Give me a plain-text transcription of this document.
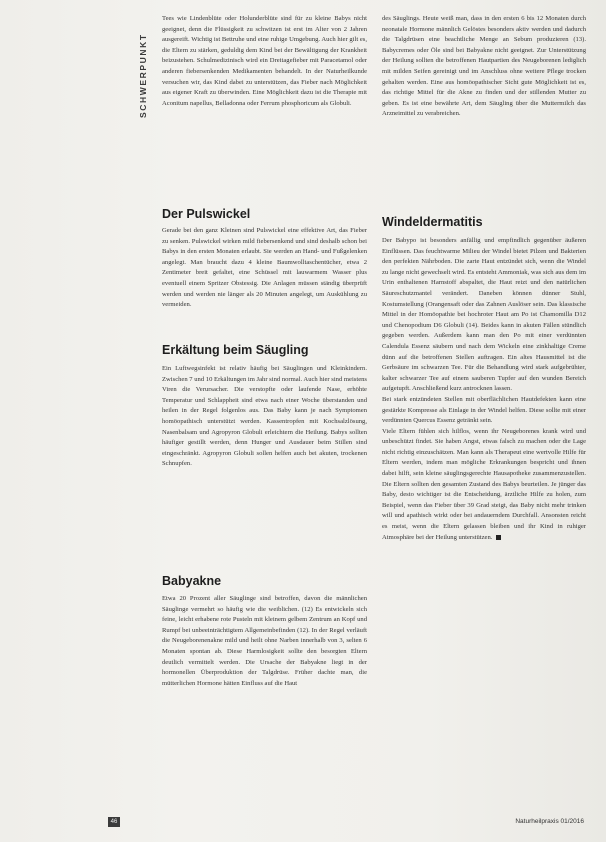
SCHWERPUNKT

Tees wie Lindenblüte oder Holunderblüte sind für zu kleine Babys nicht geeignet, denn die Flüssigkeit zu schwitzen ist erst im Alter von 2 Jahren ausgereift. Wichtig ist Bettruhe und eine ruhige Umgebung. Auch hier gilt es, die Eltern zu stärken, geduldig dem Kind bei der Bewältigung der Krankheit beizustehen. Schulmedizinisch wird ein Dreitagefieber mit Paracetamol oder anderen fiebersenkenden Medikamenten behandelt. In der Naturheilkunde versuchen wir, das Kind dabei zu unterstützen, das Fieber nach Möglichkeit aus eigener Kraft zu überwinden. Eine Möglichkeit dazu ist die Therapie mit Aconitum napellus, Belladonna oder Ferrum phosphoricum als Globuli.

Der Pulswickel

Gerade bei den ganz Kleinen sind Pulswickel eine effektive Art, das Fieber zu senken. Pulswickel wirken mild fiebersenkend und sind deshalb schon bei Babys in den ersten Monaten erlaubt. Sie werden an Hand- und Fußgelenken angelegt. Man braucht dazu 4 kleine Baumwolltaschentücher, etwa 2 Zentimeter breit gefaltet, eine Schüssel mit lauwarmem Wasser plus eventuell einem Spritzer Obstessig. Die Anlagen müssen ständig überprüft werden und werden nie länger als 20 Minuten angelegt, um Auskühlung zu vermeiden.

Erkältung beim Säugling

Ein Luftwegsinfekt ist relativ häufig bei Säuglingen und Kleinkindern. Zwischen 7 und 10 Erkältungen im Jahr sind normal. Auch hier sind meistens Viren die Verursacher. Die verstopfte oder laufende Nase, erhöhte Temperatur und Schlappheit sind etwa nach einer Woche überstanden und heilen in der Regel folgenlos aus. Das Baby kann je nach Symptomen homöopathisch unterstützt werden. Kassentropfen mit Kochsalzlösung, Nasenbalsam und Agropyron Globuli erleichtern die Heilung. Babys sollten häufiger gestillt werden, denn Hunger und Ausdauer beim Stillen sind eingeschränkt. Agropyron Globuli sollen helfen auch bei akuten, trockenen Schnupfen.

Babyakne

Etwa 20 Prozent aller Säuglinge sind betroffen, davon die männlichen Säuglinge vermehrt so häufig wie die weiblichen. (12) Es entwickeln sich feine, leicht erhabene rote Pusteln mit kleinem gelbem Zentrum an Kopf und Rumpf bei unbeeinträchtigtem Allgemeinbefinden (12). In der Regel verläuft die Neugeborenenakne mild und heilt ohne Narben innerhalb von 3, selten 6 Monaten spontan ab. Diese Harmlosigkeit sollte den besorgten Eltern deutlich vermittelt werden. Die Ursache der Babyakne liegt in der hormonellen Überproduktion der Talgdrüse. Früher dachte man, die mütterlichen Hormone hätten Einfluss auf die Haut

des Säuglings. Heute weiß man, dass in den ersten 6 bis 12 Monaten durch neonatale Hormone männlich Gelöstes besonders aktiv werden und dadurch die Talgdrüsen eine beachtliche Menge an Sebum produzieren (13). Babycremes oder Öle sind bei Babyakne nicht geeignet. Zur Unterstützung der Heilung sollten die betroffenen Hautpartien des Neugeborenen lediglich mit milden Seifen gereinigt und im Anschluss ohne weitere Pflege trocken gehalten werden. Eine aus homöopathischer Sicht gute Möglichkeit ist es, das richtige Mittel für die Akne zu finden und der stillenden Mutter zu geben. Es ist eine bewährte Art, dem Säugling über die Muttermilch das Arzneimittel zu verabreichen.

Windeldermatitis

Der Babypo ist besonders anfällig und empfindlich gegenüber äußeren Einflüssen. Das feuchtwarme Milieu der Windel bietet Pilzen und Bakterien den perfekten Nährboden. Die zarte Haut entzündet sich, wenn die Windel zu lange nicht gewechselt wird. Es entsteht Ammoniak, was sich aus dem im Urin enthaltenen Harnstoff abspaltet, die Haut reizt und den natürlichen Säureschutzmantel verändert. Daneben können dünner Stuhl, Kostumstellung (Orangensaft oder das Zahnen Auslöser sein. Das klassische Mittel in der Homöopathie bei hochroter Haut am Po ist Chamomilla D12 und Chenopodium D6 Globuli (14). Beides kann in akuten Fällen stündlich gegeben werden. Außerdem kann man den Po mit einer verdünnten Calendula Essenz säubern und nach dem Wickeln eine zinkhaltige Creme dünn auf die betroffenen Stellen auftragen. Ein altes Hausmittel ist die Gerbsäure im schwarzen Tee. Für die Behandlung wird stark aufgebrühter, kalter schwarzer Tee auf einem sauberen Tupfer auf den wunden Bereich aufgetupft. Anschließend kurz antrocknen lassen.
Bei stark entzündeten Stellen mit oberflächlichen Hautdefekten kann eine gestärkte Kompresse als Einlage in der Windel helfen. Diese sollte mit einer verdünnten Quercus Essenz getränkt sein.
Viele Eltern fühlen sich hilflos, wenn ihr Neugeborenes krank wird und unbeschützt findet. Sie haben Angst, etwas falsch zu machen oder die Lage nicht richtig einzuschätzen. Man kann als Therapeut eine wertvolle Hilfe für Eltern werden, indem man mögliche Erkrankungen bespricht und ihnen dabei hilft, sein kleine säuglingsgerechte Hausapotheke zusammenzustellen. Die Eltern sollten den gesamten Zustand des Babys beurteilen. Je jünger das Baby, desto wichtiger ist die Entscheidung, ärztliche Hilfe zu holen, zum Beispiel, wenn das Fieber über 39 Grad steigt, das Baby nicht mehr trinken will und apathisch wirkt oder bei andauerndem Durchfall. Ansonsten reicht es meist, wenn die Eltern gelassen bleiben und ihr Kind in ruhiger Atmosphäre bei der Heilung unterstützen.

46	Naturheilpraxis 01/2016
